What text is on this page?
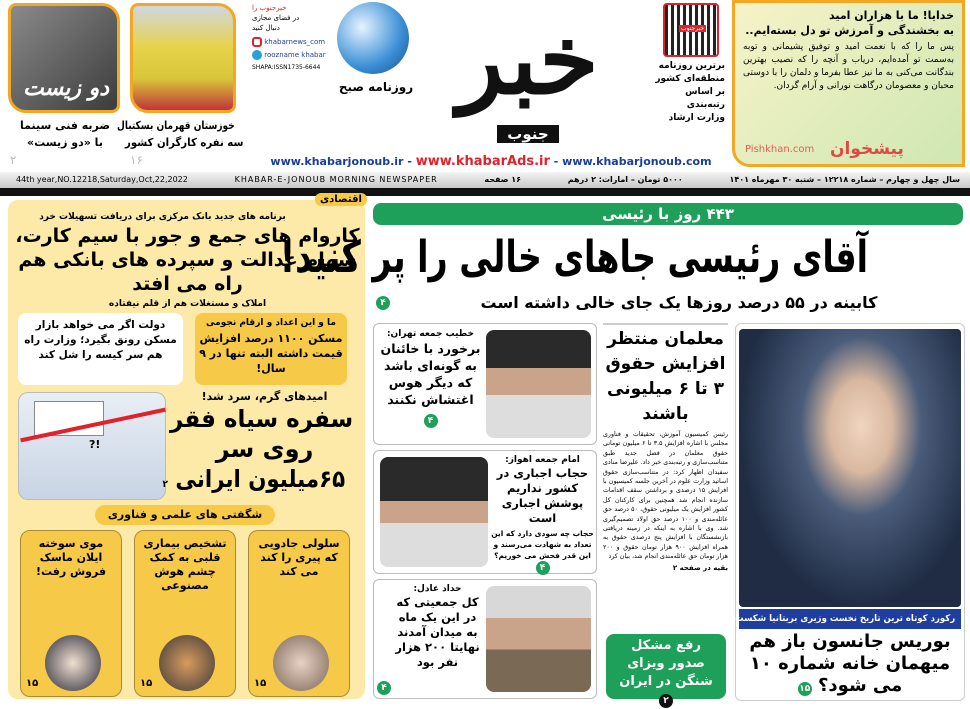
دو زیست
ضربه فنی سینما
با «دو زیست»
خوزستان قهرمان بسکتبال
سه نفره کارگران کشور
۲	۱۶
خبرجنوب را
در فضای مجازی
دنبال کنید
khabarnews_com
roozname khabar
SHAPA:ISSN1735-6644
روزنامه صبح خبر
جنوب
خبرجنوب
برترین روزنامه
منطقه‌ای کشور
بر اساس
رتبه‌بندی
وزارت ارشاد
خدایا! ما با هزاران امید
به بخشندگی و آمرزش تو دل بسته‌ایم..
پس ما را که با نعمت امید و توفیق پشیمانی و توبه به‌سمت تو آمده‌ایم، دریاب و آنچه را که نصیب بهترین بندگانت می‌کنی به ما نیز عطا بفرما و دلمان را با دوستی محبان و معصومان درگاهت نورانی و آرام گردان.
پیشخوان
Pishkhan.com
www.khabarjonoub.ir - www.khabarAds.ir - www.khabarjonoub.com
44th year,NO.12218,Saturday,Oct,22,2022	KHABAR-E-JONOUB MORNING NEWSPAPER	۱۶ صفحه	۵۰۰۰ تومان – امارات: ۲ درهم	سال چهل و چهارم – شماره ۱۲۲۱۸ – شنبه ۳۰ مهرماه ۱۴۰۱
اقتصادی
برنامه های جدید بانک مرکزی برای دریافت تسهیلات خرد
کاروام های جمع و جور با سیم کارت، سهام عدالت و سپرده های بانکی هم راه می افتد
املاک و مستغلات هم از قلم نیفتاده
ما و این اعداد و ارقام نجومی
مسکن ۱۱۰۰ درصد افزایش قیمت داشته البته تنها در ۹ سال!
دولت اگر می خواهد بازار مسکن رونق بگیرد؛ وزارت راه هم سر کیسه را شل کند
!?
امیدهای گرم، سرد شد!
سفره سیاه فقر
روی سر
۶۵میلیون ایرانی ۲
شگفتی های علمی و فناوری
سلولی جادویی که پیری را کند می کند
۱۵
تشخیص بیماری قلبی به کمک چشم هوش مصنوعی
۱۵
موی سوخته ایلان ماسک فروش رفت!
۱۵
۴۴۳ روز با رئیسی
آقای رئیسی جاهای خالی را پر کنید!
کابینه در ۵۵ درصد روزها یک جای خالی داشته است
۴
خطیب جمعه تهران:
برخورد با خائنان به گونه‌ای باشد که دیگر هوس اغتشاش نکنند
۴
امام جمعه اهواز:
حجاب اجباری در کشور نداریم پوشش اجباری است
حجاب چه سودی دارد که این تعداد به شهادت می‌رسند و این قدر فحش می خوریم؟ ۴
حداد عادل:
کل جمعیتی که در این یک ماه به میدان آمدند نهایتا ۲۰۰ هزار نفر بود
۴
معلمان منتظر افزایش حقوق ۳ تا ۶ میلیونی باشند
رئیس کمیسیون آموزش، تحقیقات و فناوری مجلس با اشاره افزایش ۳.۵ تا ۶ میلیون تومانی حقوق معلمان در فصل جدید طبق متناسب‌سازی و رتبه‌بندی خبر داد. علیرضا منادی سفیدان اظهار کرد: در متناسب‌سازی حقوق اساتید وزارت علوم در آخرین جلسه کمیسیون با افزایش ۱۵ درصدی و برداشتن سقف اقدامات سازنده انجام شد همچنین برای کارکنان کل کشور افزایش یک میلیونی حقوق، ۵۰ درصد حق عائله‌مندی و ۱۰۰ درصد حق اولاد تصمیم‌گیری شد. وی با اشاره به اینکه در زمینه دریافتی بازنشستگان با افزایش پنج درصدی حقوق به همراه افزایش ۹۰۰ هزار تومان حقوق و ۲۰۰ هزار تومان حق عائله‌مندی انجام شد، بیان کرد
بقیه در صفحه ۲
رفع مشکل صدور ویزای شنگن در ایران ۲
رکورد کوتاه ترین تاریخ نخست وزیری بریتانیا شکست
بوریس جانسون باز هم میهمان خانه شماره ۱۰ می شود؟ ۱۵
